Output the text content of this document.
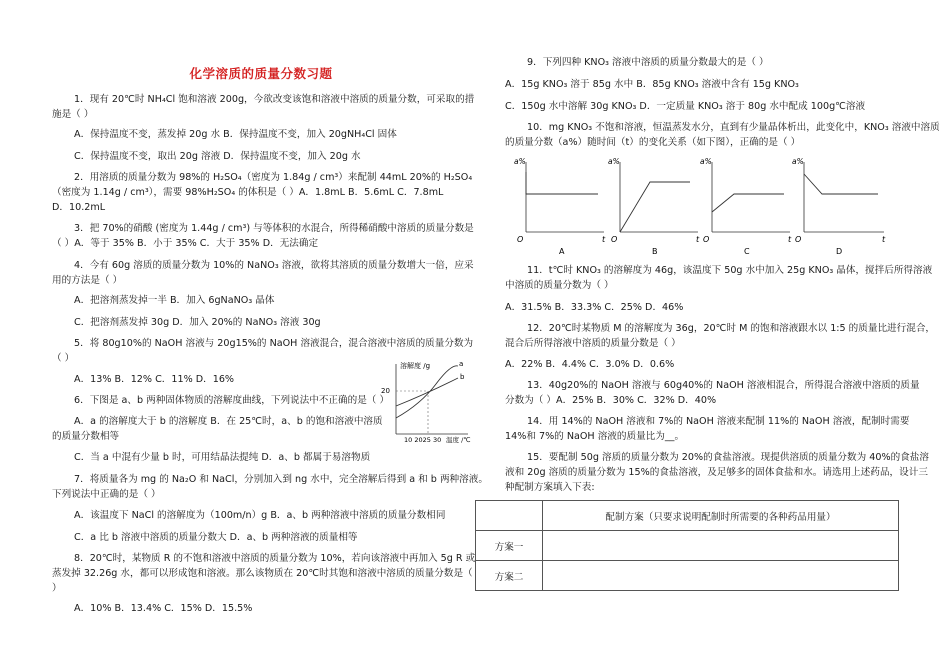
化学溶质的质量分数习题
1．现有 20℃时 NH₄Cl 饱和溶液 200g，今欲改变该饱和溶液中溶质的质量分数，可采取的措
施是（ ）
A．保持温度不变，蒸发掉 20g 水 B．保持温度不变，加入 20gNH₄Cl 固体
C．保持温度不变，取出 20g 溶液 D．保持温度不变，加入 20g 水
2．用溶质的质量分数为 98%的 H₂SO₄（密度为 1.84g / cm³）来配制 44mL 20%的 H₂SO₄
（密度为 1.14g / cm³），需要 98%H₂SO₄ 的体积是（ ）A．1.8mL B．5.6mL C．7.8mL
D．10.2mL
3．把 70%的硝酸 (密度为 1.44g / cm³) 与等体积的水混合，所得稀硝酸中溶质的质量分数是
（ ）A．等于 35% B．小于 35% C．大于 35% D．无法确定
4．今有 60g 溶质的质量分数为 10%的 NaNO₃ 溶液，欲将其溶质的质量分数增大一倍，应采
用的方法是（ ）
A．把溶剂蒸发掉一半 B．加入 6gNaNO₃ 晶体
C．把溶剂蒸发掉 30g D．加入 20%的 NaNO₃ 溶液 30g
5．将 80g10%的 NaOH 溶液与 20g15%的 NaOH 溶液混合，混合溶液中溶质的质量分数为
（ ）
A．13% B．12% C．11% D．16%
6．下图是 a、b 两种固体物质的溶解度曲线，下列说法中不正确的是（ ）
A．a 的溶解度大于 b 的溶解度 B．在 25℃时，a、b 的饱和溶液中溶质
的质量分数相等
C．当 a 中混有少量 b 时，可用结晶法提纯 D．a、b 都属于易溶物质
7．将质量各为 mg 的 Na₂O 和 NaCl，分别加入到 ng 水中，完全溶解后得到 a 和 b 两种溶液。
下列说法中正确的是（ ）
A．该温度下 NaCl 的溶解度为（100m/n）g B．a、b 两种溶液中溶质的质量分数相同
C．a 比 b 溶液中溶质的质量分数大 D．a、b 两种溶液的质量相等
8．20℃时，某物质 R 的不饱和溶液中溶质的质量分数为 10%，若向该溶液中再加入 5g R 或
蒸发掉 32.26g 水，都可以形成饱和溶液。那么该物质在 20℃时其饱和溶液中溶质的质量分数是（
）
A．10% B．13.4% C．15% D．15.5%
溶解度 /g
20
a
b
10 2025 30 温度 /℃
9．下列四种 KNO₃ 溶液中溶质的质量分数最大的是（ ）
A．15g KNO₃ 溶于 85g 水中 B．85g KNO₃ 溶液中含有 15g KNO₃
C．150g 水中溶解 30g KNO₃ D．一定质量 KNO₃ 溶于 80g 水中配成 100g℃溶液
10．mg KNO₃ 不饱和溶液，恒温蒸发水分，直到有少量晶体析出，此变化中，KNO₃ 溶液中溶质
的质量分数（a%）随时间（t）的变化关系（如下图），正确的是（ ）
11．t℃时 KNO₃ 的溶解度为 46g，该温度下 50g 水中加入 25g KNO₃ 晶体，搅拌后所得溶液
中溶质的质量分数为（ ）
A．31.5% B．33.3% C．25% D．46%
12．20℃时某物质 M 的溶解度为 36g，20℃时 M 的饱和溶液跟水以 1:5 的质量比进行混合，
混合后所得溶液中溶质的质量分数是（ ）
A．22% B．4.4% C．3.0% D．0.6%
13．40g20%的 NaOH 溶液与 60g40%的 NaOH 溶液相混合，所得混合溶液中溶质的质量
分数为（ ）A．25% B．30% C．32% D．40%
14．用 14%的 NaOH 溶液和 7%的 NaOH 溶液来配制 11%的 NaOH 溶液，配制时需要
14%和 7%的 NaOH 溶液的质量比为__。
15．要配制 50g 溶质的质量分数为 20%的食盐溶液。现提供溶质的质量分数为 40%的食盐溶
液和 20g 溶质的质量分数为 15%的食盐溶液，及足够多的固体食盐和水。请选用上述药品，设计三
种配制方案填入下表:
a%
O	t
A
a%
O	t
B
a%
O	t
C
a%
O	t
D
	配制方案（只要求说明配制时所需要的各种药品用量）
方案一	
方案二	
